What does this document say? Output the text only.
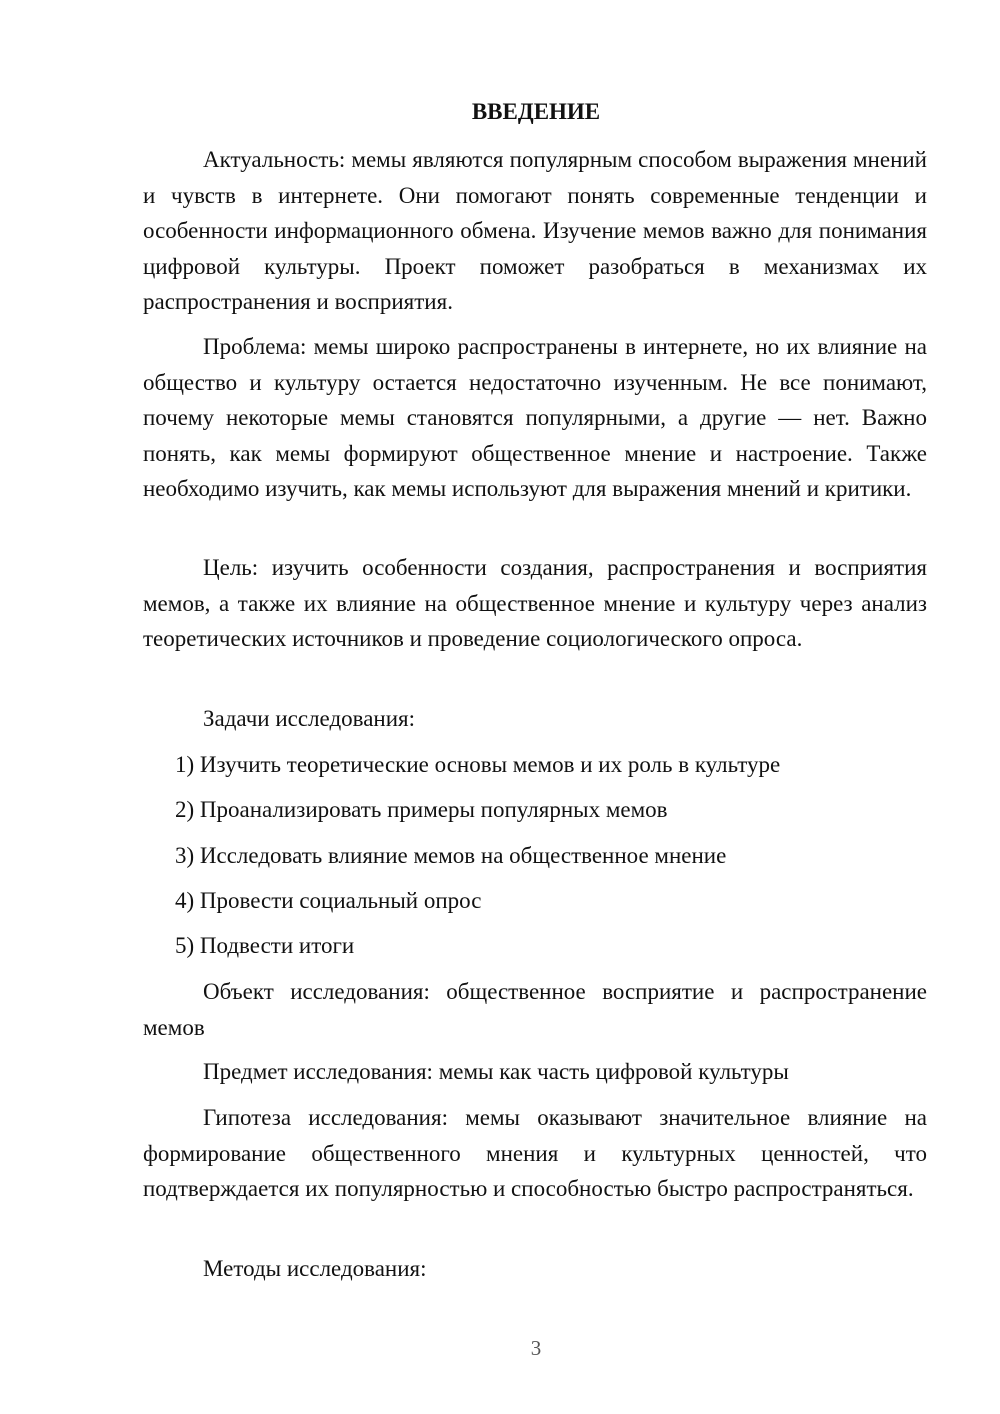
ВВЕДЕНИЕ

Актуальность: мемы являются популярным способом выражения мнений и чувств в интернете. Они помогают понять современные тенденции и особенности информационного обмена. Изучение мемов важно для понимания цифровой культуры. Проект поможет разобраться в механизмах их распространения и восприятия.

Проблема: мемы широко распространены в интернете, но их влияние на общество и культуру остается недостаточно изученным. Не все понимают, почему некоторые мемы становятся популярными, а другие — нет. Важно понять, как мемы формируют общественное мнение и настроение. Также необходимо изучить, как мемы используют для выражения мнений и критики.

Цель: изучить особенности создания, распространения и восприятия мемов, а также их влияние на общественное мнение и культуру через анализ теоретических источников и проведение социологического опроса.

Задачи исследования:

1) Изучить теоретические основы мемов и их роль в культуре

2) Проанализировать примеры популярных мемов

3) Исследовать влияние мемов на общественное мнение

4) Провести социальный опрос

5) Подвести итоги

Объект исследования: общественное восприятие и распространение мемов

Предмет исследования: мемы как часть цифровой культуры

Гипотеза исследования: мемы оказывают значительное влияние на формирование общественного мнения и культурных ценностей, что подтверждается их популярностью и способностью быстро распространяться.

Методы исследования:

3
